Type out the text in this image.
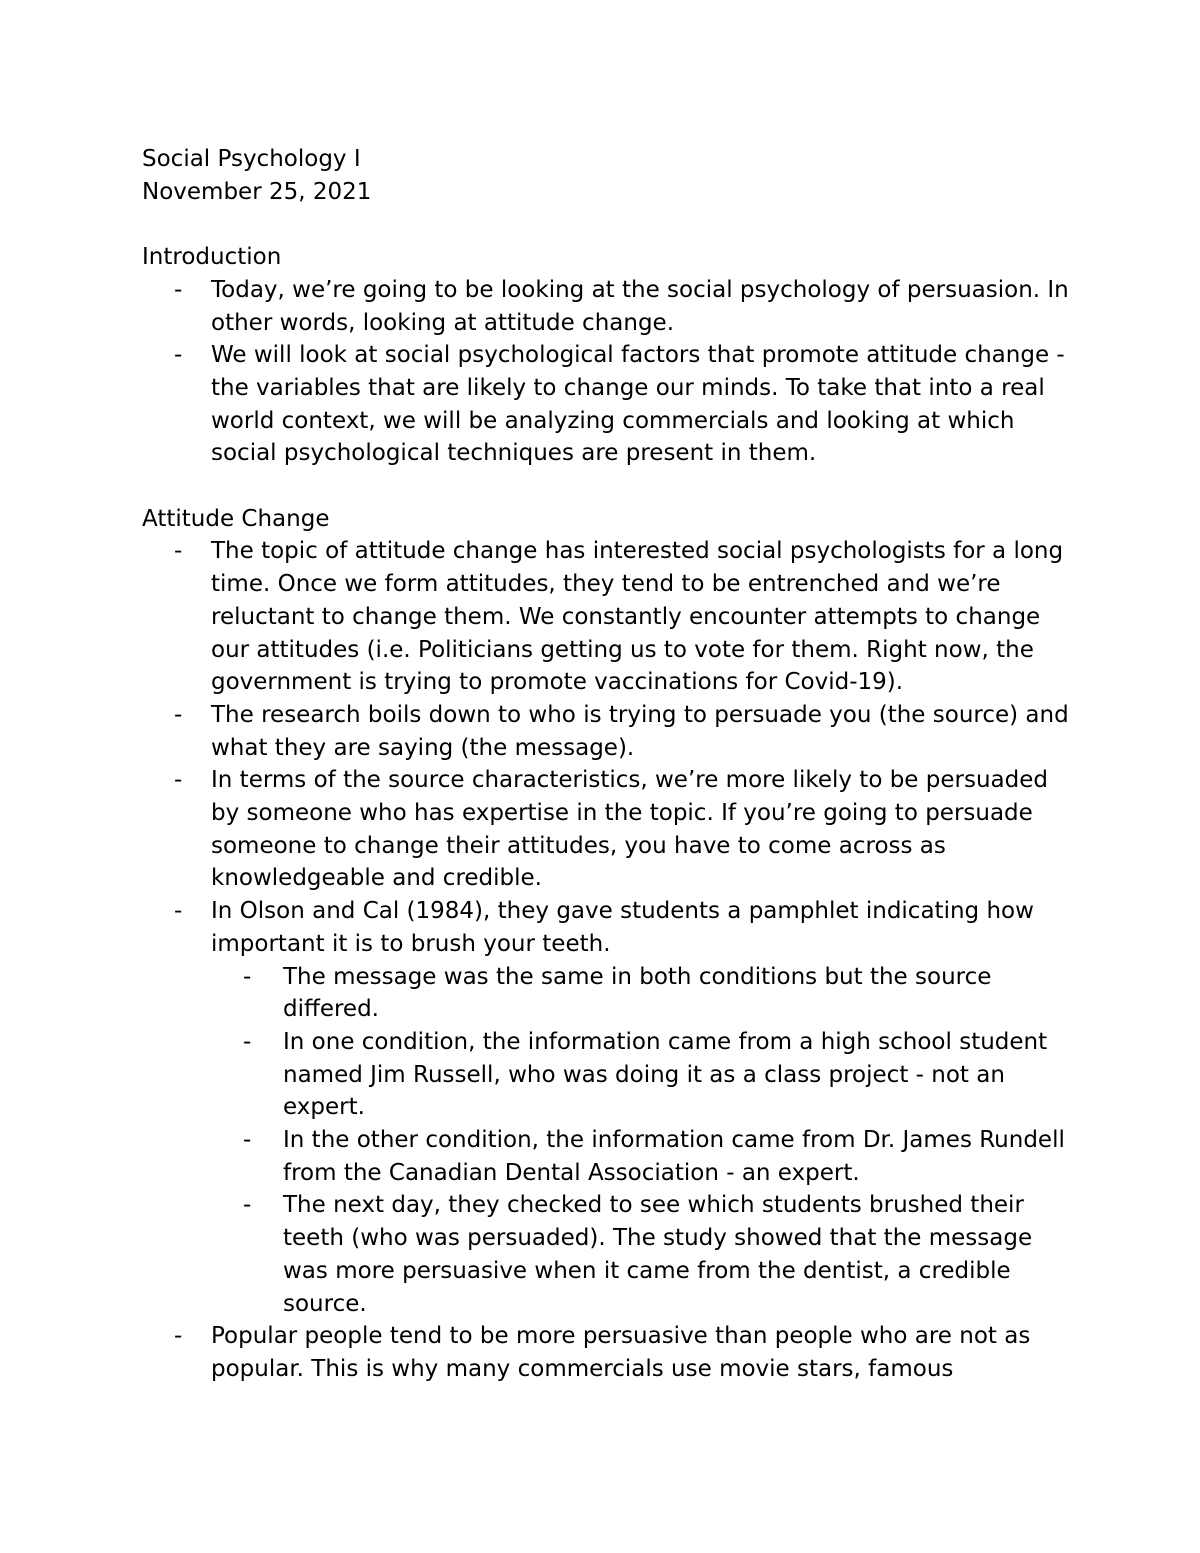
Social Psychology I

November 25, 2021

Introduction

- Today, we’re going to be looking at the social psychology of persuasion. In other words, looking at attitude change.
- We will look at social psychological factors that promote attitude change - the variables that are likely to change our minds. To take that into a real world context, we will be analyzing commercials and looking at which social psychological techniques are present in them.

Attitude Change

- The topic of attitude change has interested social psychologists for a long time. Once we form attitudes, they tend to be entrenched and we’re reluctant to change them. We constantly encounter attempts to change our attitudes (i.e. Politicians getting us to vote for them. Right now, the government is trying to promote vaccinations for Covid-19).
- The research boils down to who is trying to persuade you (the source) and what they are saying (the message).
- In terms of the source characteristics, we’re more likely to be persuaded by someone who has expertise in the topic. If you’re going to persuade someone to change their attitudes, you have to come across as knowledgeable and credible.
- In Olson and Cal (1984), they gave students a pamphlet indicating how important it is to brush your teeth.
- The message was the same in both conditions but the source differed.
- In one condition, the information came from a high school student named Jim Russell, who was doing it as a class project - not an expert.
- In the other condition, the information came from Dr. James Rundell from the Canadian Dental Association - an expert.
- The next day, they checked to see which students brushed their teeth (who was persuaded). The study showed that the message was more persuasive when it came from the dentist, a credible source.
- Popular people tend to be more persuasive than people who are not as popular. This is why many commercials use movie stars, famous
